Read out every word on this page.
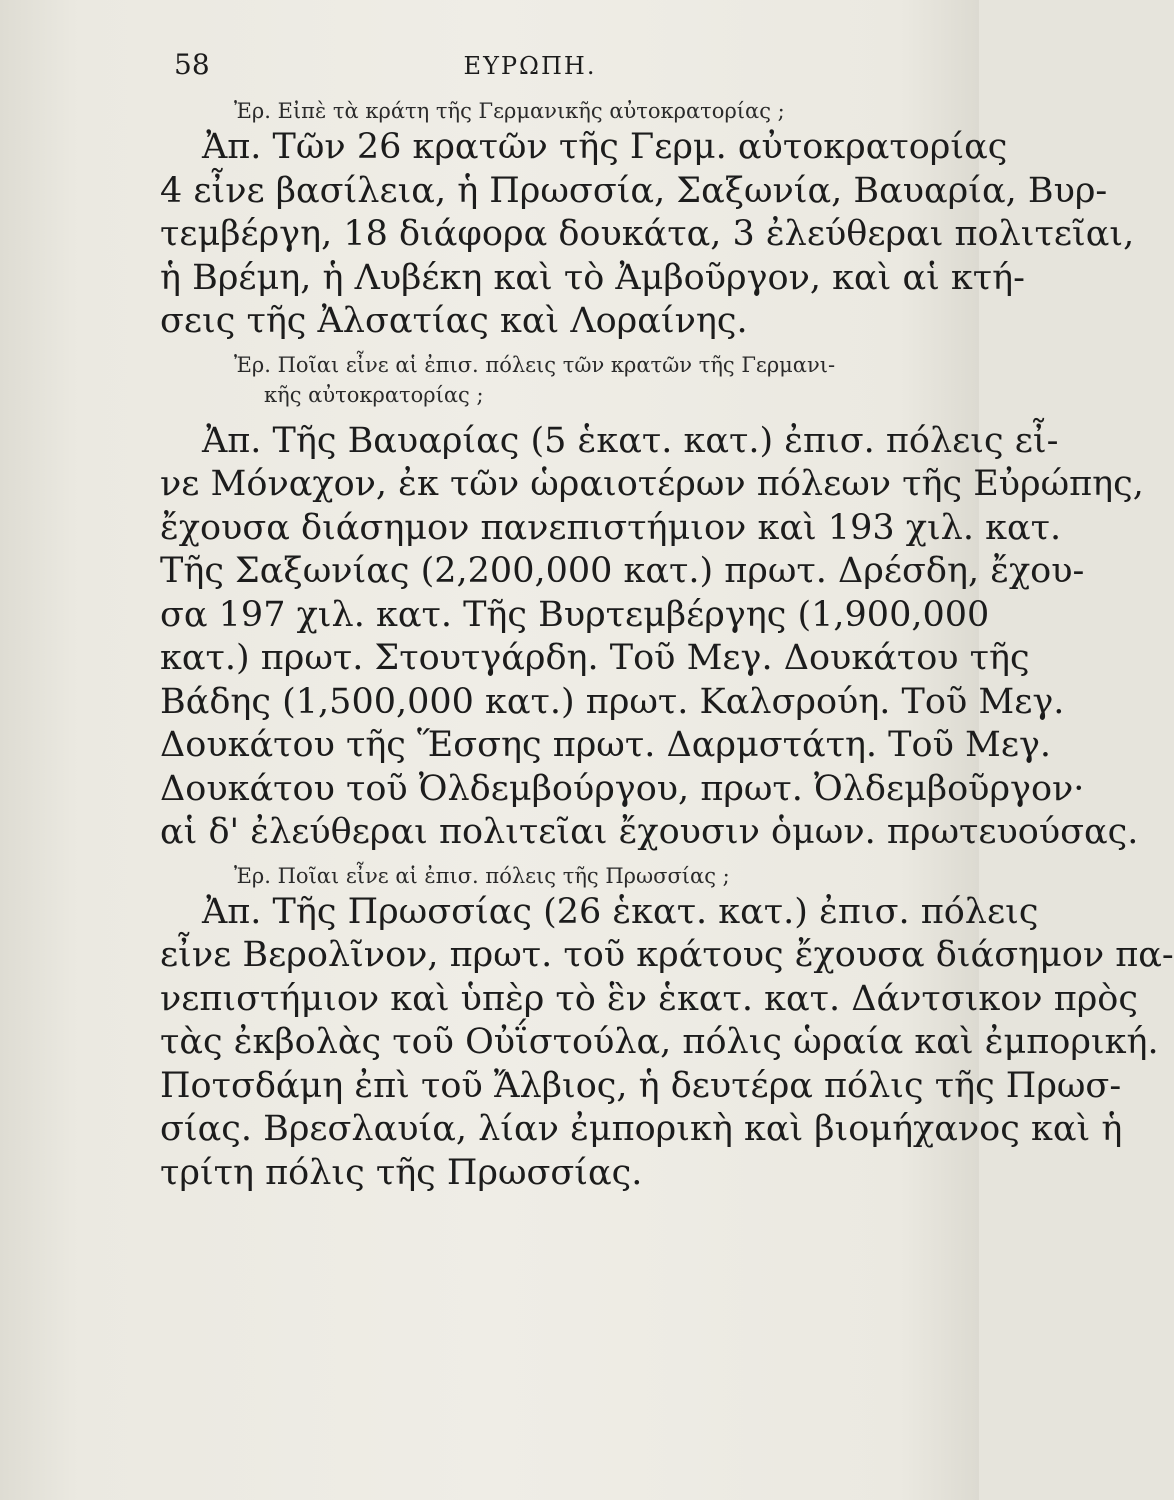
58	ΕΥΡΩΠΗ.
Ἐρ. Εἰπὲ τὰ κράτη τῆς Γερμανικῆς αὐτοκρατορίας ;
Ἀπ. Τῶν 26 κρατῶν τῆς Γερμ. αὐτοκρατορίας
4 εἶνε βασίλεια, ἡ Πρωσσία, Σαξωνία, Βαυαρία, Βυρ-
τεμβέργη, 18 διάφορα δουκάτα, 3 ἐλεύθεραι πολιτεῖαι,
ἡ Βρέμη, ἡ Λυβέκη καὶ τὸ Ἀμβοῦργον, καὶ αἱ κτή-
σεις τῆς Ἀλσατίας καὶ Λοραίνης.
Ἐρ. Ποῖαι εἶνε αἱ ἐπισ. πόλεις τῶν κρατῶν τῆς Γερμανι-
κῆς αὐτοκρατορίας ;
Ἀπ. Τῆς Βαυαρίας (5 ἑκατ. κατ.) ἐπισ. πόλεις εἶ-
νε Μόναχον, ἐκ τῶν ὡραιοτέρων πόλεων τῆς Εὐρώπης,
ἔχουσα διάσημον πανεπιστήμιον καὶ 193 χιλ. κατ.
Τῆς Σαξωνίας (2,200,000 κατ.) πρωτ. Δρέσδη, ἔχου-
σα 197 χιλ. κατ. Τῆς Βυρτεμβέργης (1,900,000
κατ.) πρωτ. Στουτγάρδη. Τοῦ Μεγ. Δουκάτου τῆς
Βάδης (1,500,000 κατ.) πρωτ. Καλσρούη. Τοῦ Μεγ.
Δουκάτου τῆς Ἕσσης πρωτ. Δαρμστάτη. Τοῦ Μεγ.
Δουκάτου τοῦ Ὀλδεμβούργου, πρωτ. Ὀλδεμβοῦργον·
αἱ δ' ἐλεύθεραι πολιτεῖαι ἔχουσιν ὁμων. πρωτευούσας.
Ἐρ. Ποῖαι εἶνε αἱ ἐπισ. πόλεις τῆς Πρωσσίας ;
Ἀπ. Τῆς Πρωσσίας (26 ἑκατ. κατ.) ἐπισ. πόλεις
εἶνε Βερολῖνον, πρωτ. τοῦ κράτους ἔχουσα διάσημον πα-
νεπιστήμιον καὶ ὑπὲρ τὸ ἓν ἑκατ. κατ. Δάντσικον πρὸς
τὰς ἐκβολὰς τοῦ Οὐΐστούλα, πόλις ὡραία καὶ ἐμπορική.
Ποτσδάμη ἐπὶ τοῦ Ἄλβιος, ἡ δευτέρα πόλις τῆς Πρωσ-
σίας. Βρεσλαυία, λίαν ἐμπορικὴ καὶ βιομήχανος καὶ ἡ
τρίτη πόλις τῆς Πρωσσίας.
